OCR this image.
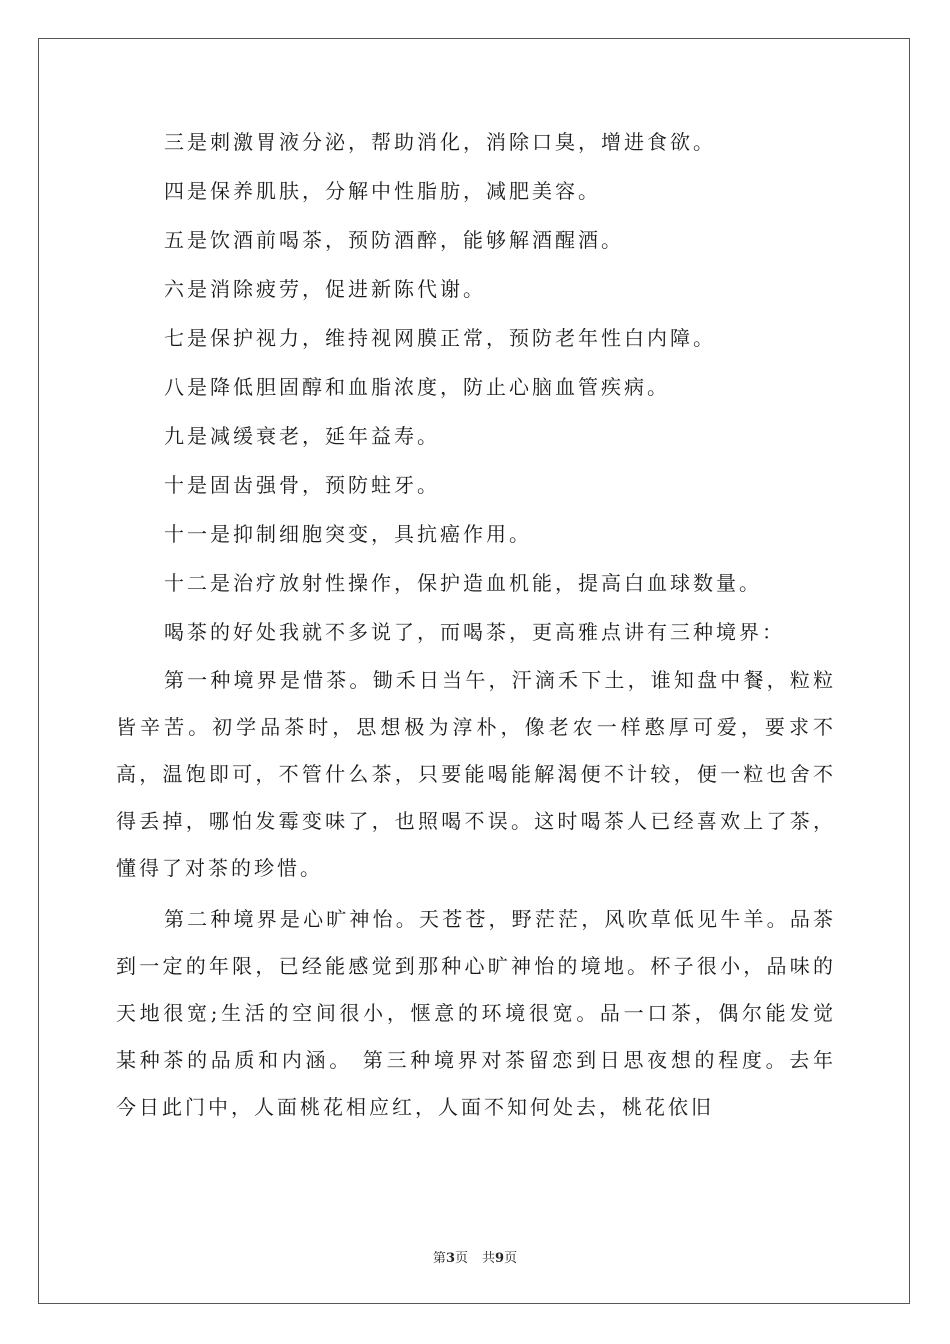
三是刺激胃液分泌，帮助消化，消除口臭，增进食欲。
四是保养肌肤，分解中性脂肪，减肥美容。
五是饮酒前喝茶，预防酒醉，能够解酒醒酒。
六是消除疲劳，促进新陈代谢。
七是保护视力，维持视网膜正常，预防老年性白内障。
八是降低胆固醇和血脂浓度，防止心脑血管疾病。
九是减缓衰老，延年益寿。
十是固齿强骨，预防蛀牙。
十一是抑制细胞突变，具抗癌作用。
十二是治疗放射性操作，保护造血机能，提高白血球数量。
喝茶的好处我就不多说了，而喝茶，更高雅点讲有三种境界：

第一种境界是惜茶。锄禾日当午，汗滴禾下土，谁知盘中餐，粒粒皆辛苦。初学品茶时，思想极为淳朴，像老农一样憨厚可爱，要求不高，温饱即可，不管什么茶，只要能喝能解渴便不计较，便一粒也舍不得丢掉，哪怕发霉变味了，也照喝不误。这时喝茶人已经喜欢上了茶，懂得了对茶的珍惜。

第二种境界是心旷神怡。天苍苍，野茫茫，风吹草低见牛羊。品茶到一定的年限，已经能感觉到那种心旷神怡的境地。杯子很小，品味的天地很宽;生活的空间很小，惬意的环境很宽。品一口茶，偶尔能发觉某种茶的品质和内涵。 第三种境界对茶留恋到日思夜想的程度。去年今日此门中，人面桃花相应红，人面不知何处去，桃花依旧

第3页 共9页
